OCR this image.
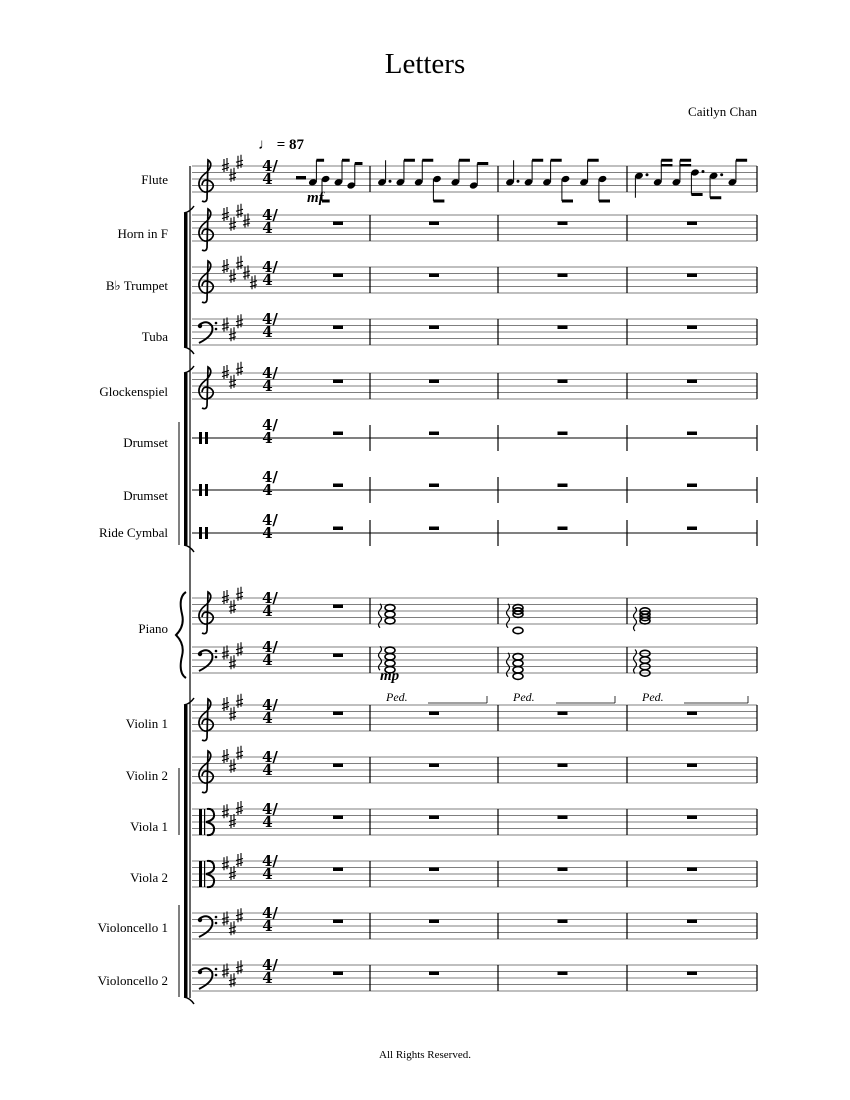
Letters
Caitlyn Chan
♩ = 87
mf
mp
Ped.	Ped.	Ped.
Flute
Horn in F
B♭ Trumpet
Tuba
Glockenspiel
Drumset
Drumset
Ride Cymbal
Piano
Violin 1
Violin 2
Viola 1
Viola 2
Violoncello 1
Violoncello 2
4/4
4/4
4/4
4/4
4/4
4/4
4/4
4/4
4/4
4/4
4/4
4/4
4/4
4/4
4/4
4/4
All Rights Reserved.
